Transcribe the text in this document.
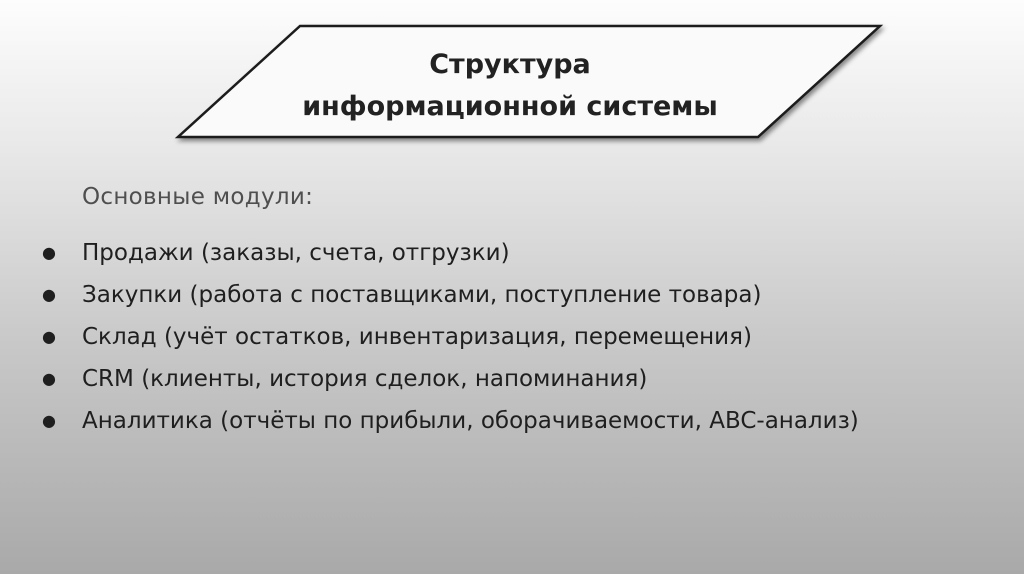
Структура
информационной системы
Основные модули:
● Продажи (заказы, счета, отгрузки)
● Закупки (работа с поставщиками, поступление товара)
● Склад (учёт остатков, инвентаризация, перемещения)
● CRM (клиенты, история сделок, напоминания)
● Аналитика (отчёты по прибыли, оборачиваемости, ABC-анализ)
